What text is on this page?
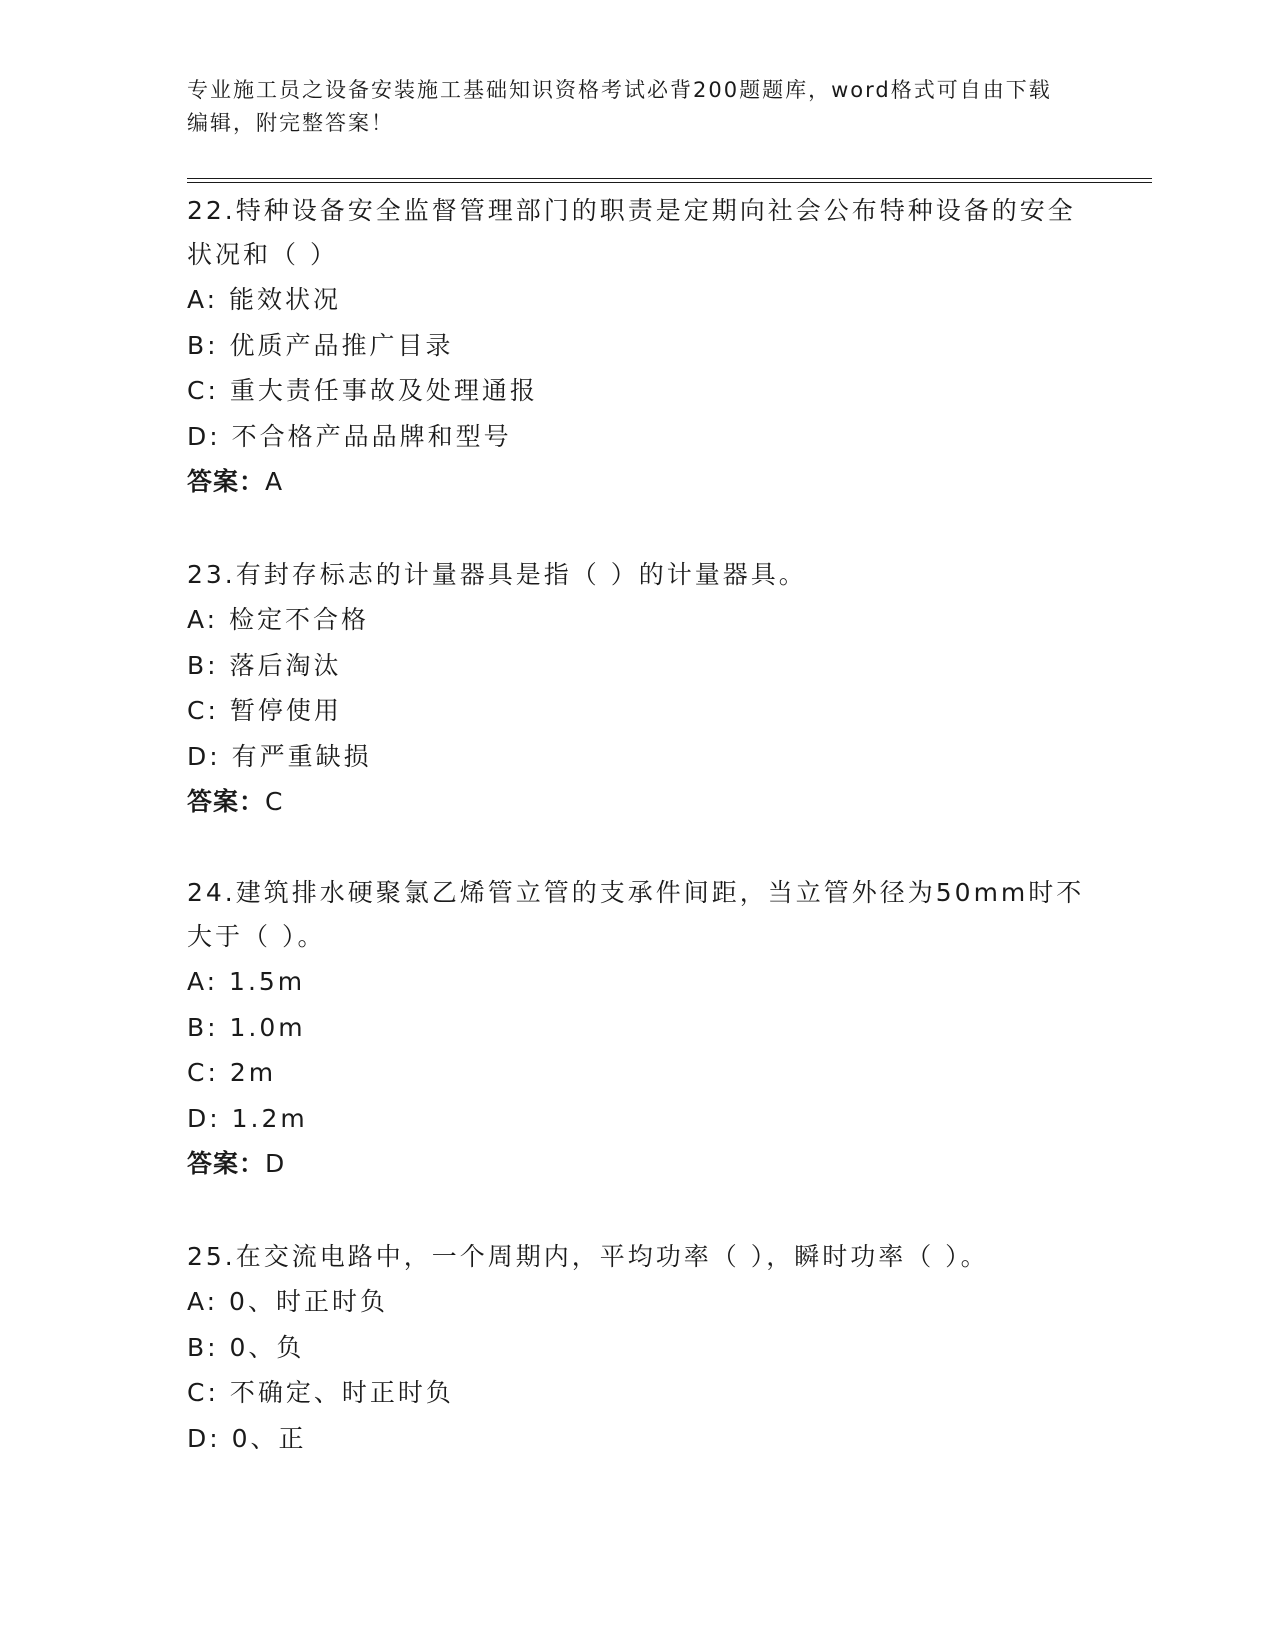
专业施工员之设备安装施工基础知识资格考试必背200题题库，word格式可自由下载编辑，附完整答案！

22.特种设备安全监督管理部门的职责是定期向社会公布特种设备的安全状况和（ ）

A: 能效状况

B: 优质产品推广目录

C: 重大责任事故及处理通报

D: 不合格产品品牌和型号

答案：A

23.有封存标志的计量器具是指（ ）的计量器具。

A: 检定不合格

B: 落后淘汰

C: 暂停使用

D: 有严重缺损

答案：C

24.建筑排水硬聚氯乙烯管立管的支承件间距，当立管外径为50mm时不大于（ ）。

A: 1.5m

B: 1.0m

C: 2m

D: 1.2m

答案：D

25.在交流电路中，一个周期内，平均功率（ ），瞬时功率（ ）。

A: 0、时正时负

B: 0、负

C: 不确定、时正时负

D: 0、正
